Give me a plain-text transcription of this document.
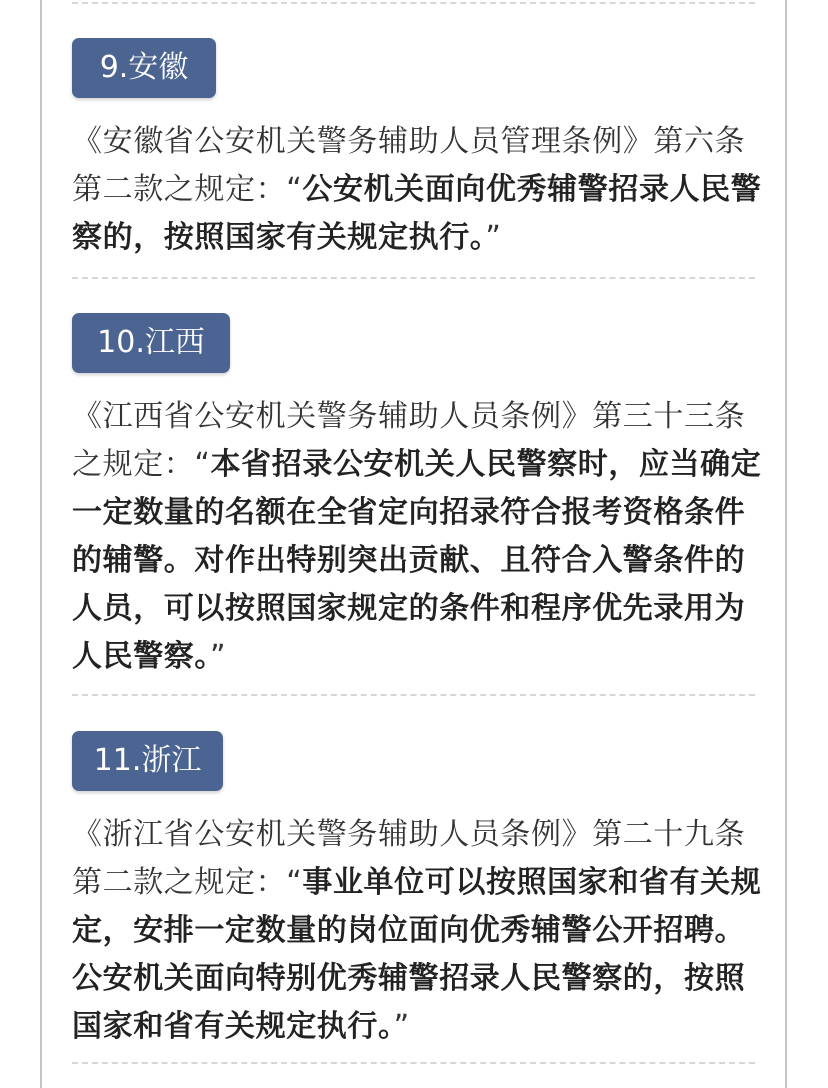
9.安徽
《安徽省公安机关警务辅助人员管理条例》第六条第二款之规定：“公安机关面向优秀辅警招录人民警察的，按照国家有关规定执行。”
10.江西
《江西省公安机关警务辅助人员条例》第三十三条之规定：“本省招录公安机关人民警察时，应当确定一定数量的名额在全省定向招录符合报考资格条件的辅警。对作出特别突出贡献、且符合入警条件的人员，可以按照国家规定的条件和程序优先录用为人民警察。”
11.浙江
《浙江省公安机关警务辅助人员条例》第二十九条第二款之规定：“事业单位可以按照国家和省有关规定，安排一定数量的岗位面向优秀辅警公开招聘。公安机关面向特别优秀辅警招录人民警察的，按照国家和省有关规定执行。”
